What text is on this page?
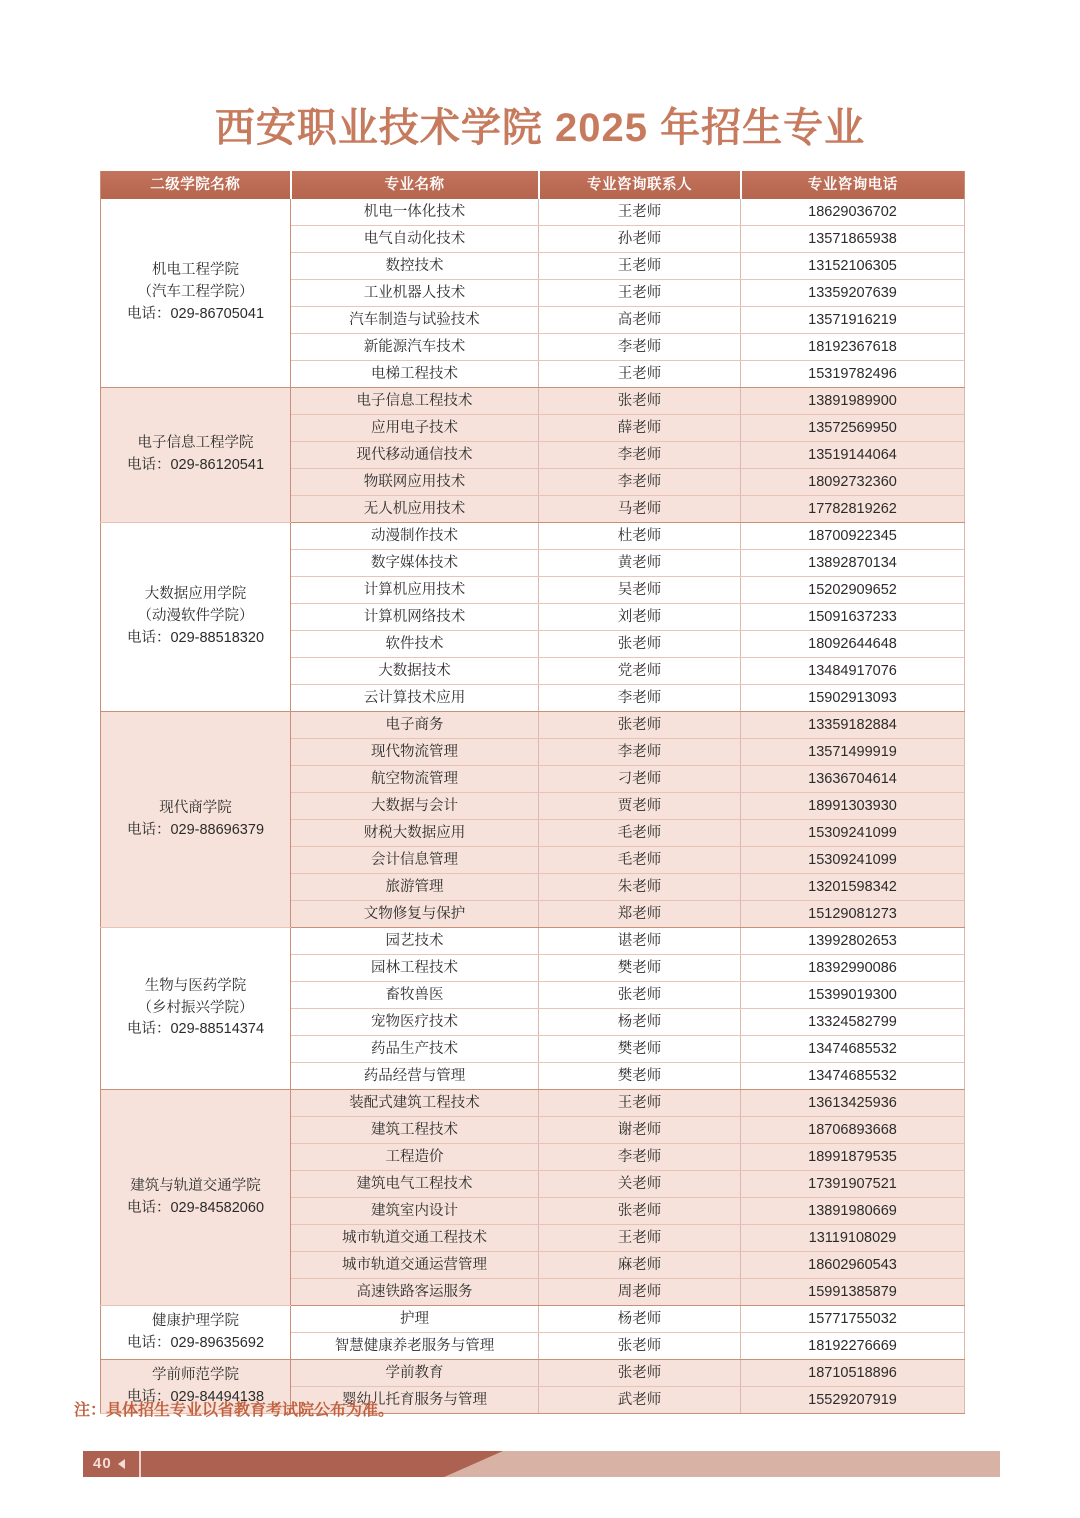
西安职业技术学院 2025 年招生专业
二级学院名称	专业名称	专业咨询联系人	专业咨询电话

机电工程学院
（汽车工程学院）
电话：029-86705041	机电一体化技术	王老师	18629036702
	电气自动化技术	孙老师	13571865938
	数控技术	王老师	13152106305
	工业机器人技术	王老师	13359207639
	汽车制造与试验技术	高老师	13571916219
	新能源汽车技术	李老师	18192367618
	电梯工程技术	王老师	15319782496

电子信息工程学院
电话：029-86120541	电子信息工程技术	张老师	13891989900
	应用电子技术	薛老师	13572569950
	现代移动通信技术	李老师	13519144064
	物联网应用技术	李老师	18092732360
	无人机应用技术	马老师	17782819262

大数据应用学院
（动漫软件学院）
电话：029-88518320	动漫制作技术	杜老师	18700922345
	数字媒体技术	黄老师	13892870134
	计算机应用技术	吴老师	15202909652
	计算机网络技术	刘老师	15091637233
	软件技术	张老师	18092644648
	大数据技术	党老师	13484917076
	云计算技术应用	李老师	15902913093

现代商学院
电话：029-88696379	电子商务	张老师	13359182884
	现代物流管理	李老师	13571499919
	航空物流管理	刁老师	13636704614
	大数据与会计	贾老师	18991303930
	财税大数据应用	毛老师	15309241099
	会计信息管理	毛老师	15309241099
	旅游管理	朱老师	13201598342
	文物修复与保护	郑老师	15129081273

生物与医药学院
（乡村振兴学院）
电话：029-88514374	园艺技术	谌老师	13992802653
	园林工程技术	樊老师	18392990086
	畜牧兽医	张老师	15399019300
	宠物医疗技术	杨老师	13324582799
	药品生产技术	樊老师	13474685532
	药品经营与管理	樊老师	13474685532

建筑与轨道交通学院
电话：029-84582060	装配式建筑工程技术	王老师	13613425936
	建筑工程技术	谢老师	18706893668
	工程造价	李老师	18991879535
	建筑电气工程技术	关老师	17391907521
	建筑室内设计	张老师	13891980669
	城市轨道交通工程技术	王老师	13119108029
	城市轨道交通运营管理	麻老师	18602960543
	高速铁路客运服务	周老师	15991385879

健康护理学院
电话：029-89635692	护理	杨老师	15771755032
	智慧健康养老服务与管理	张老师	18192276669

学前师范学院
电话：029-84494138	学前教育	张老师	18710518896
	婴幼儿托育服务与管理	武老师	15529207919
注：具体招生专业以省教育考试院公布为准。
40
